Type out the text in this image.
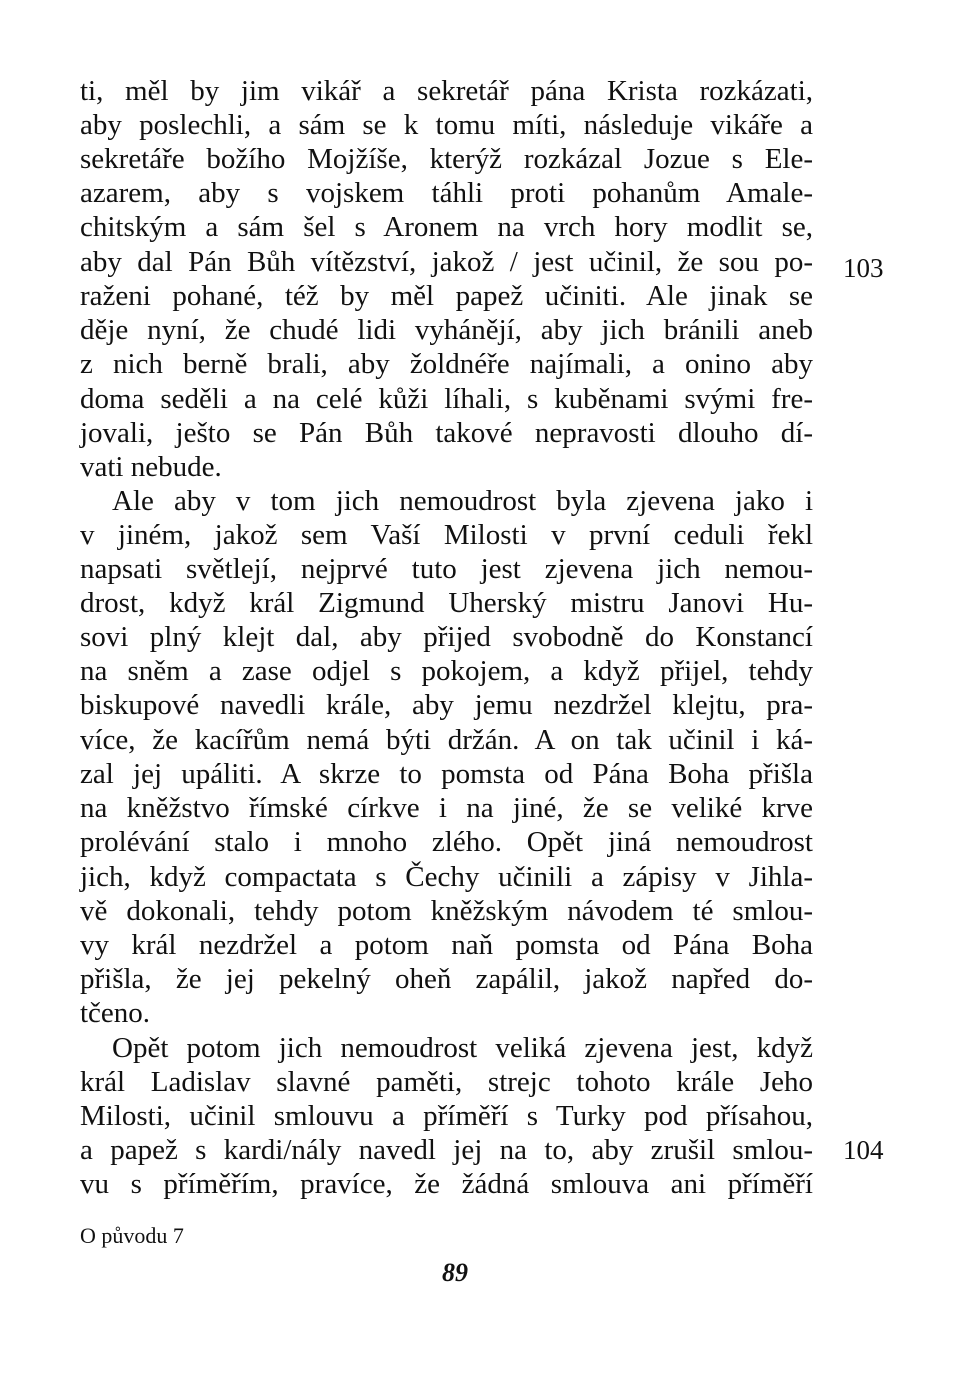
ti, měl by jim vikář a sekretář pána Krista rozkázati,
aby poslechli, a sám se k tomu míti, následuje vikáře a
sekretáře božího Mojžíše, kterýž rozkázal Jozue s Ele-
azarem, aby s vojskem táhli proti pohanům Amale-
chitským a sám šel s Aronem na vrch hory modlit se,
aby dal Pán Bůh vítězství, jakož / jest učinil, že sou po-
raženi pohané, též by měl papež učiniti. Ale jinak se
děje nyní, že chudé lidi vyhánějí, aby jich bránili aneb
z nich berně brali, aby žoldnéře najímali, a onino aby
doma seděli a na celé kůži líhali, s kuběnami svými fre-
jovali, ješto se Pán Bůh takové nepravosti dlouho dí-
vati nebude.
Ale aby v tom jich nemoudrost byla zjevena jako i
v jiném, jakož sem Vaší Milosti v první ceduli řekl
napsati světlejí, nejprvé tuto jest zjevena jich nemou-
drost, když král Zigmund Uherský mistru Janovi Hu-
sovi plný klejt dal, aby přijed svobodně do Konstancí
na sněm a zase odjel s pokojem, a když přijel, tehdy
biskupové navedli krále, aby jemu nezdržel klejtu, pra-
více, že kacířům nemá býti držán. A on tak učinil i ká-
zal jej upáliti. A skrze to pomsta od Pána Boha přišla
na kněžstvo římské církve i na jiné, že se veliké krve
prolévání stalo i mnoho zlého. Opět jiná nemoudrost
jich, když compactata s Čechy učinili a zápisy v Jihla-
vě dokonali, tehdy potom kněžským návodem té smlou-
vy král nezdržel a potom naň pomsta od Pána Boha
přišla, že jej pekelný oheň zapálil, jakož napřed do-
tčeno.
Opět potom jich nemoudrost veliká zjevena jest, když
král Ladislav slavné paměti, strejc tohoto krále Jeho
Milosti, učinil smlouvu a příměří s Turky pod přísahou,
a papež s kardi/nály navedl jej na to, aby zrušil smlou-
vu s příměřím, pravíce, že žádná smlouva ani příměří
103
104
O původu 7
89
